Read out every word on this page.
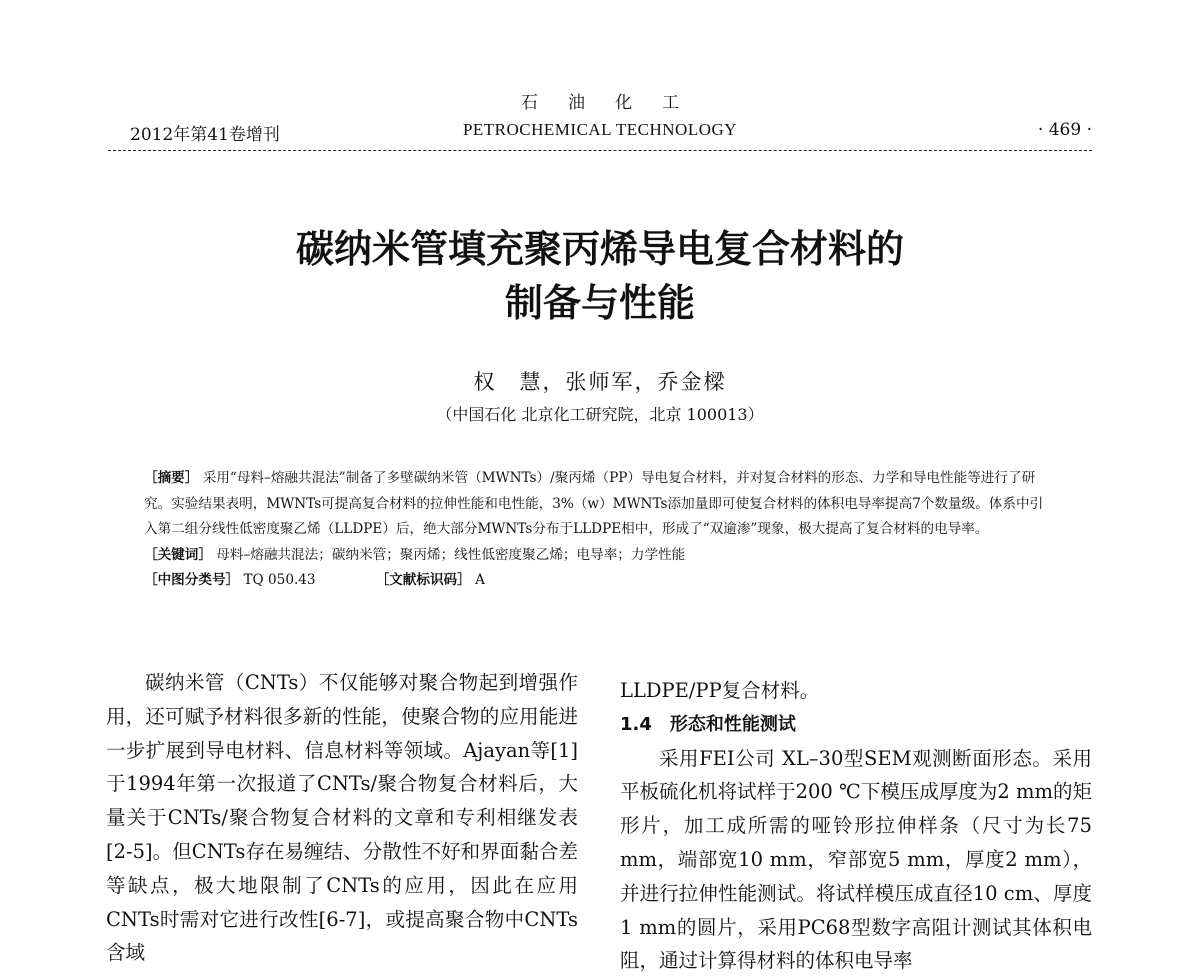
石油化工
2012年第41卷增刊	PETROCHEMICAL TECHNOLOGY	· 469 ·
碳纳米管填充聚丙烯导电复合材料的
制备与性能
权　慧，张师军，乔金樑
（中国石化 北京化工研究院，北京 100013）

［摘要］ 采用“母料–熔融共混法”制备了多壁碳纳米管（MWNTs）/聚丙烯（PP）导电复合材料，并对复合材料的形态、力学和导电性能等进行了研究。实验结果表明，MWNTs可提高复合材料的拉伸性能和电性能，3%（w）MWNTs添加量即可使复合材料的体积电导率提高7个数量级。体系中引入第二组分线性低密度聚乙烯（LLDPE）后，绝大部分MWNTs分布于LLDPE相中，形成了“双逾渗”现象，极大提高了复合材料的电导率。

［关键词］ 母料–熔融共混法；碳纳米管；聚丙烯；线性低密度聚乙烯；电导率；力学性能

［中图分类号］ TQ 050.43	［文献标识码］ A

碳纳米管（CNTs）不仅能够对聚合物起到增强作用，还可赋予材料很多新的性能，使聚合物的应用能进一步扩展到导电材料、信息材料等领域。Ajayan等[1]于1994年第一次报道了CNTs/聚合物复合材料后，大量关于CNTs/聚合物复合材料的文章和专利相继发表[2-5]。但CNTs存在易缠结、分散性不好和界面黏合差等缺点，极大地限制了CNTs的应用，因此在应用CNTs时需对它进行改性[6-7]，或提高聚合物中CNTs含域

LLDPE/PP复合材料。

1.4 形态和性能测试

采用FEI公司 XL–30型SEM观测断面形态。采用平板硫化机将试样于200 ℃下模压成厚度为2 mm的矩形片，加工成所需的哑铃形拉伸样条（尺寸为长75 mm，端部宽10 mm，窄部宽5 mm，厚度2 mm），并进行拉伸性能测试。将试样模压成直径10 cm、厚度1 mm的圆片，采用PC68型数字高阻计测试其体积电阻，通过计算得材料的体积电导率
